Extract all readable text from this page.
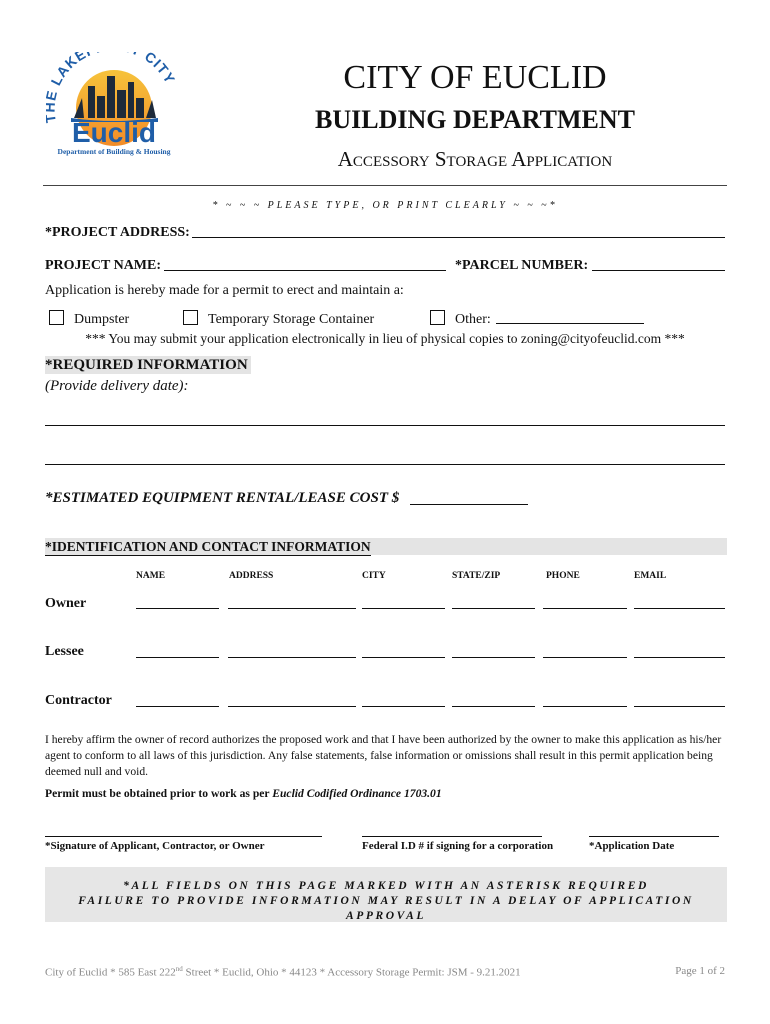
LAKE CITY
Euclid
Department of Building & Housing
CITY OF EUCLID
BUILDING DEPARTMENT
Accessory Storage Application
* ~ ~ ~ PLEASE TYPE, OR PRINT CLEARLY ~ ~ ~*
*PROJECT ADDRESS:
PROJECT NAME:	*PARCEL NUMBER:
Application is hereby made for a permit to erect and maintain a:
Dumpster	Temporary Storage Container	Other:
*** You may submit your application electronically in lieu of physical copies to zoning@cityofeuclid.com ***
*REQUIRED INFORMATION
(Provide delivery date):
*ESTIMATED EQUIPMENT RENTAL/LEASE COST $
*IDENTIFICATION AND CONTACT INFORMATION
NAME	ADDRESS	CITY	STATE/ZIP	PHONE	EMAIL
Owner
Lessee
Contractor
I hereby affirm the owner of record authorizes the proposed work and that I have been authorized by the owner to make this application as his/her agent to conform to all laws of this jurisdiction. Any false statements, false information or omissions shall result in this permit application being deemed null and void.
Permit must be obtained prior to work as per Euclid Codified Ordinance 1703.01
*Signature of Applicant, Contractor, or Owner	Federal I.D # if signing for a corporation	*Application Date
*ALL FIELDS ON THIS PAGE MARKED WITH AN ASTERISK REQUIRED
FAILURE TO PROVIDE INFORMATION MAY RESULT IN A DELAY OF APPLICATION APPROVAL
City of Euclid * 585 East 222nd Street * Euclid, Ohio * 44123 * Accessory Storage Permit: JSM - 9.21.2021	Page 1 of 2
